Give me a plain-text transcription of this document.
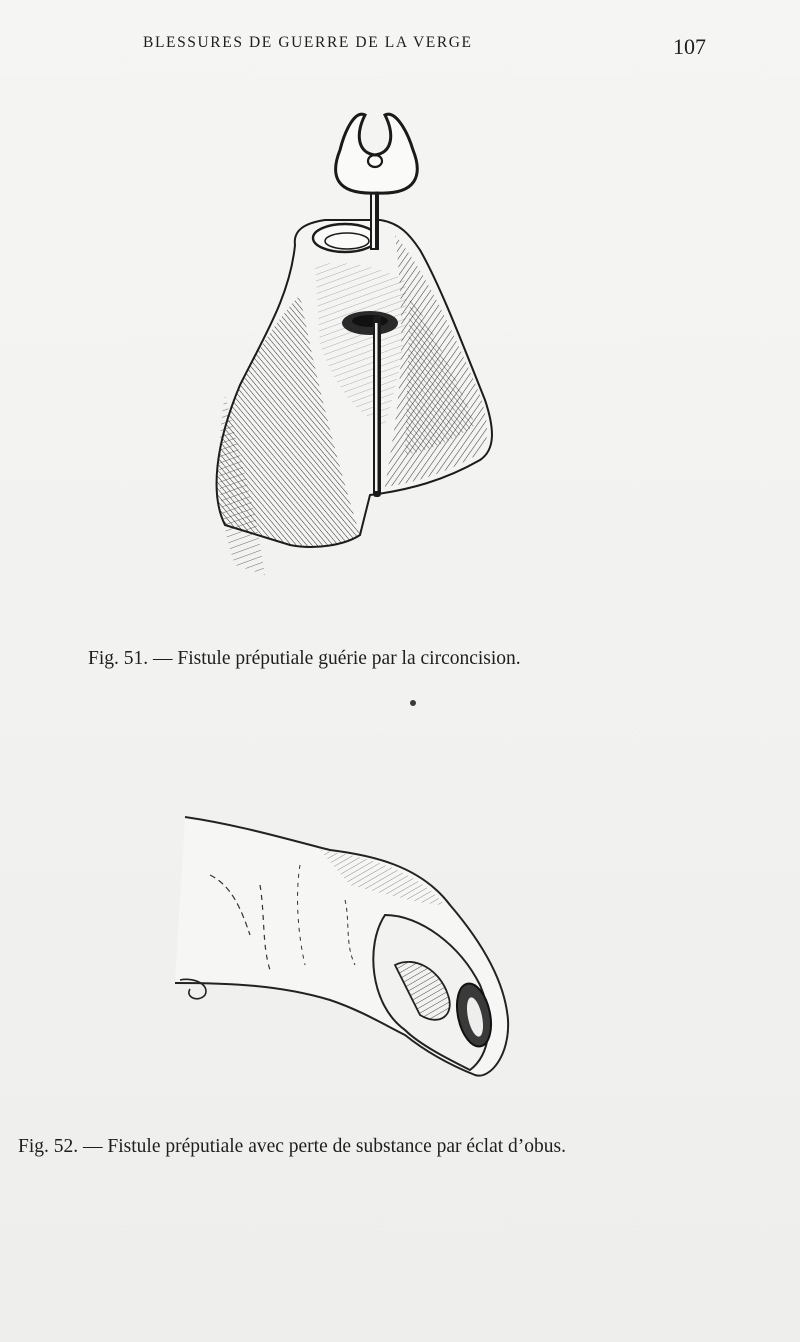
BLESSURES DE GUERRE DE LA VERGE	107
Fig. 51. — Fistule préputiale guérie par la circoncision.
Fig. 52. — Fistule préputiale avec perte de substance par éclat d’obus.
